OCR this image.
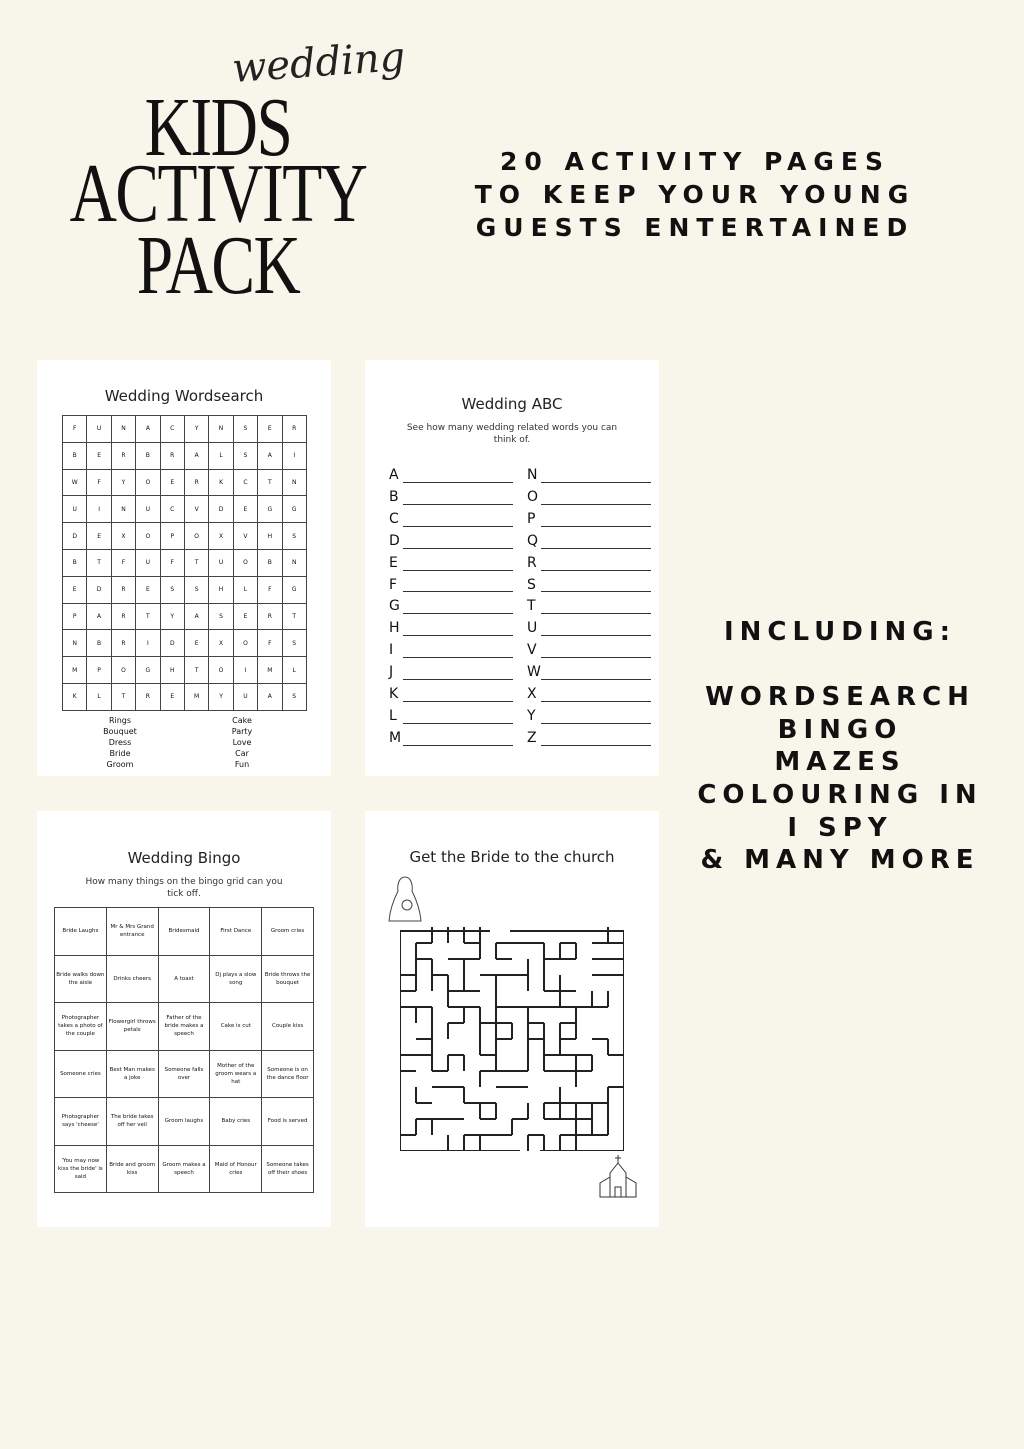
wedding
KIDS
ACTIVITY
PACK
20 ACTIVITY PAGES
TO KEEP YOUR YOUNG
GUESTS ENTERTAINED
INCLUDING:
WORDSEARCH
BINGO
MAZES
COLOURING IN
I SPY
& MANY MORE
Wedding Wordsearch
F	U	N	A	C	Y	N	S	E	R
B	E	R	B	R	A	L	S	A	I
W	F	Y	O	E	R	K	C	T	N
U	I	N	U	C	V	D	E	G	G
D	E	X	O	P	O	X	V	H	S
B	T	F	U	F	T	U	O	B	N
E	D	R	E	S	S	H	L	F	G
P	A	R	T	Y	A	S	E	R	T
N	B	R	I	D	E	X	O	F	S
M	P	O	G	H	T	O	I	M	L
K	L	T	R	E	M	Y	U	A	S
Rings
Bouquet
Dress
Bride
Groom
Cake
Party
Love
Car
Fun
Wedding ABC
See how many wedding related words you can think of.
A
B
C
D
E
F
G
H
I
J
K
L
M
N
O
P
Q
R
S
T
U
V
W
X
Y
Z
Wedding Bingo
How many things on the bingo grid can you tick off.
Bride Laughs	Mr & Mrs Grand entrance	Bridesmaid	First Dance	Groom cries
Bride walks down the aisle	Drinks cheers	A toast	Dj plays a slow song	Bride throws the bouquet
Photographer takes a photo of the couple	Flowergirl throws petals	Father of the bride makes a speech	Cake is cut	Couple kiss
Someone cries	Best Man makes a joke	Someone falls over	Mother of the groom wears a hat	Someone is on the dance floor
Photographer says 'cheese'	The bride takes off her veil	Groom laughs	Baby cries	Food is served
'You may now kiss the bride' is said	Bride and groom kiss	Groom makes a speech	Maid of Honour cries	Someone takes off their shoes
Get the Bride to the church
